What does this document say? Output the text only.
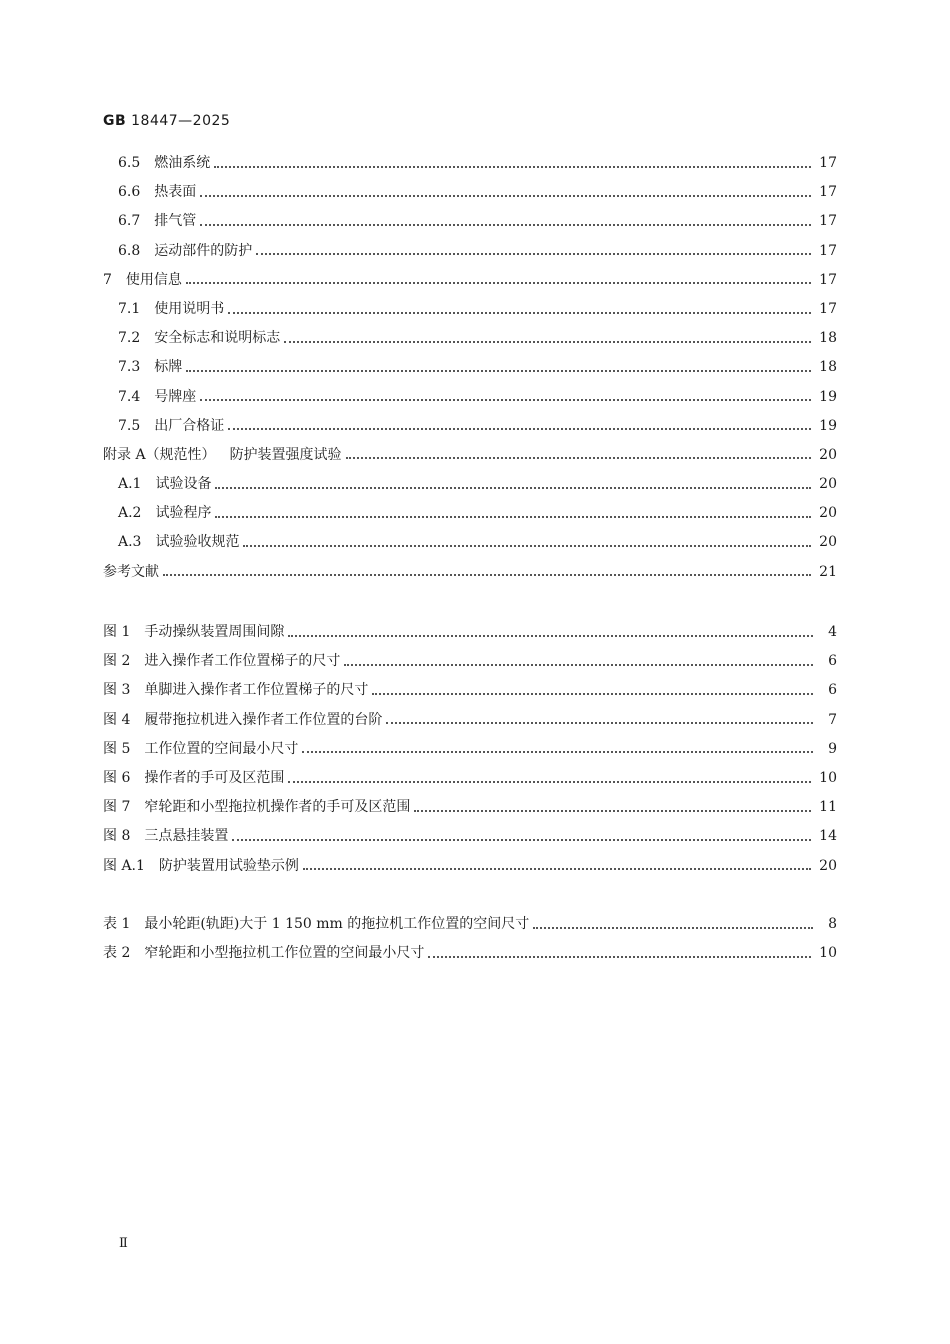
GB 18447—2025
6.5 燃油系统	17
6.6 热表面	17
6.7 排气管	17
6.8 运动部件的防护	17
7 使用信息	17
7.1 使用说明书	17
7.2 安全标志和说明标志	18
7.3 标牌	18
7.4 号牌座	19
7.5 出厂合格证	19
附录 A（规范性） 防护装置强度试验	20
A.1 试验设备	20
A.2 试验程序	20
A.3 试验验收规范	20
参考文献	21
图 1 手动操纵装置周围间隙	4
图 2 进入操作者工作位置梯子的尺寸	6
图 3 单脚进入操作者工作位置梯子的尺寸	6
图 4 履带拖拉机进入操作者工作位置的台阶	7
图 5 工作位置的空间最小尺寸	9
图 6 操作者的手可及区范围	10
图 7 窄轮距和小型拖拉机操作者的手可及区范围	11
图 8 三点悬挂装置	14
图 A.1 防护装置用试验垫示例	20
表 1 最小轮距(轨距)大于 1 150 mm 的拖拉机工作位置的空间尺寸	8
表 2 窄轮距和小型拖拉机工作位置的空间最小尺寸	10
Ⅱ
